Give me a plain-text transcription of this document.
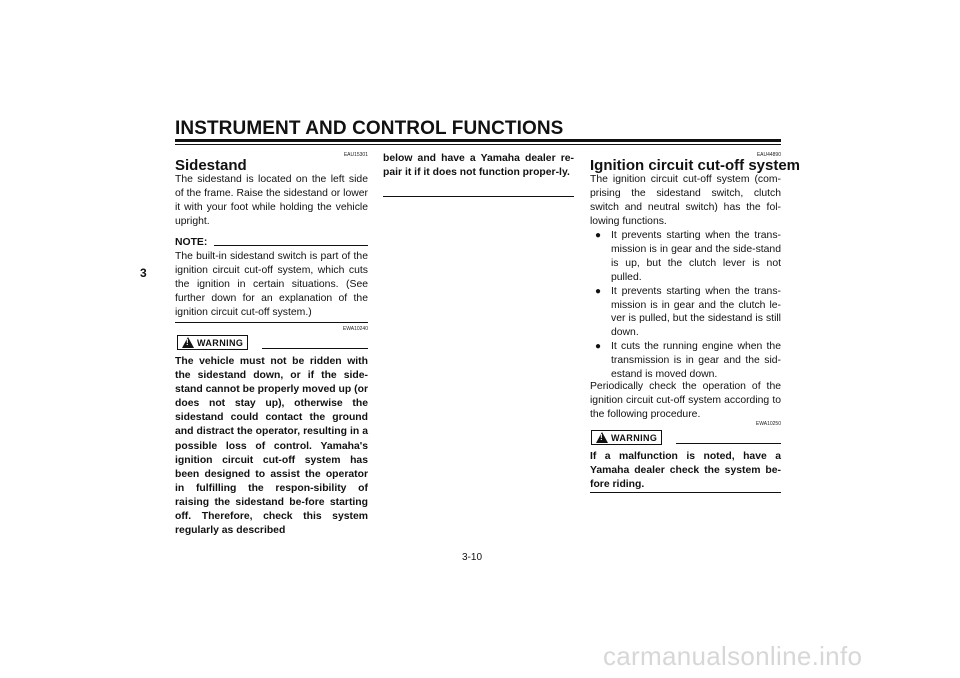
INSTRUMENT AND CONTROL FUNCTIONS
3
EAU15301
Sidestand
The sidestand is located on the left side of the frame. Raise the sidestand or lower it with your foot while holding the vehicle upright.
NOTE:
The built-in sidestand switch is part of the ignition circuit cut-off system, which cuts the ignition in certain situations. (See further down for an explanation of the ignition circuit cut-off system.)
EWA10240
!
WARNING
The vehicle must not be ridden with the sidestand down, or if the side-stand cannot be properly moved up (or does not stay up), otherwise the sidestand could contact the ground and distract the operator, resulting in a possible loss of control. Yamaha's ignition circuit cut-off system has been designed to assist the operator in fulfilling the respon-sibility of raising the sidestand be-fore starting off. Therefore, check this system regularly as described
below and have a Yamaha dealer re-pair it if it does not function proper-ly.
EAU44890
Ignition circuit cut-off system
The ignition circuit cut-off system (com-prising the sidestand switch, clutch switch and neutral switch) has the fol-lowing functions.
● It prevents starting when the trans-mission is in gear and the side-stand is up, but the clutch lever is not pulled.
● It prevents starting when the trans-mission is in gear and the clutch le-ver is pulled, but the sidestand is still down.
● It cuts the running engine when the transmission is in gear and the sid-estand is moved down.
Periodically check the operation of the ignition circuit cut-off system according to the following procedure.
EWA10250
!
WARNING
If a malfunction is noted, have a Yamaha dealer check the system be-fore riding.
3-10
carmanualsonline.info
